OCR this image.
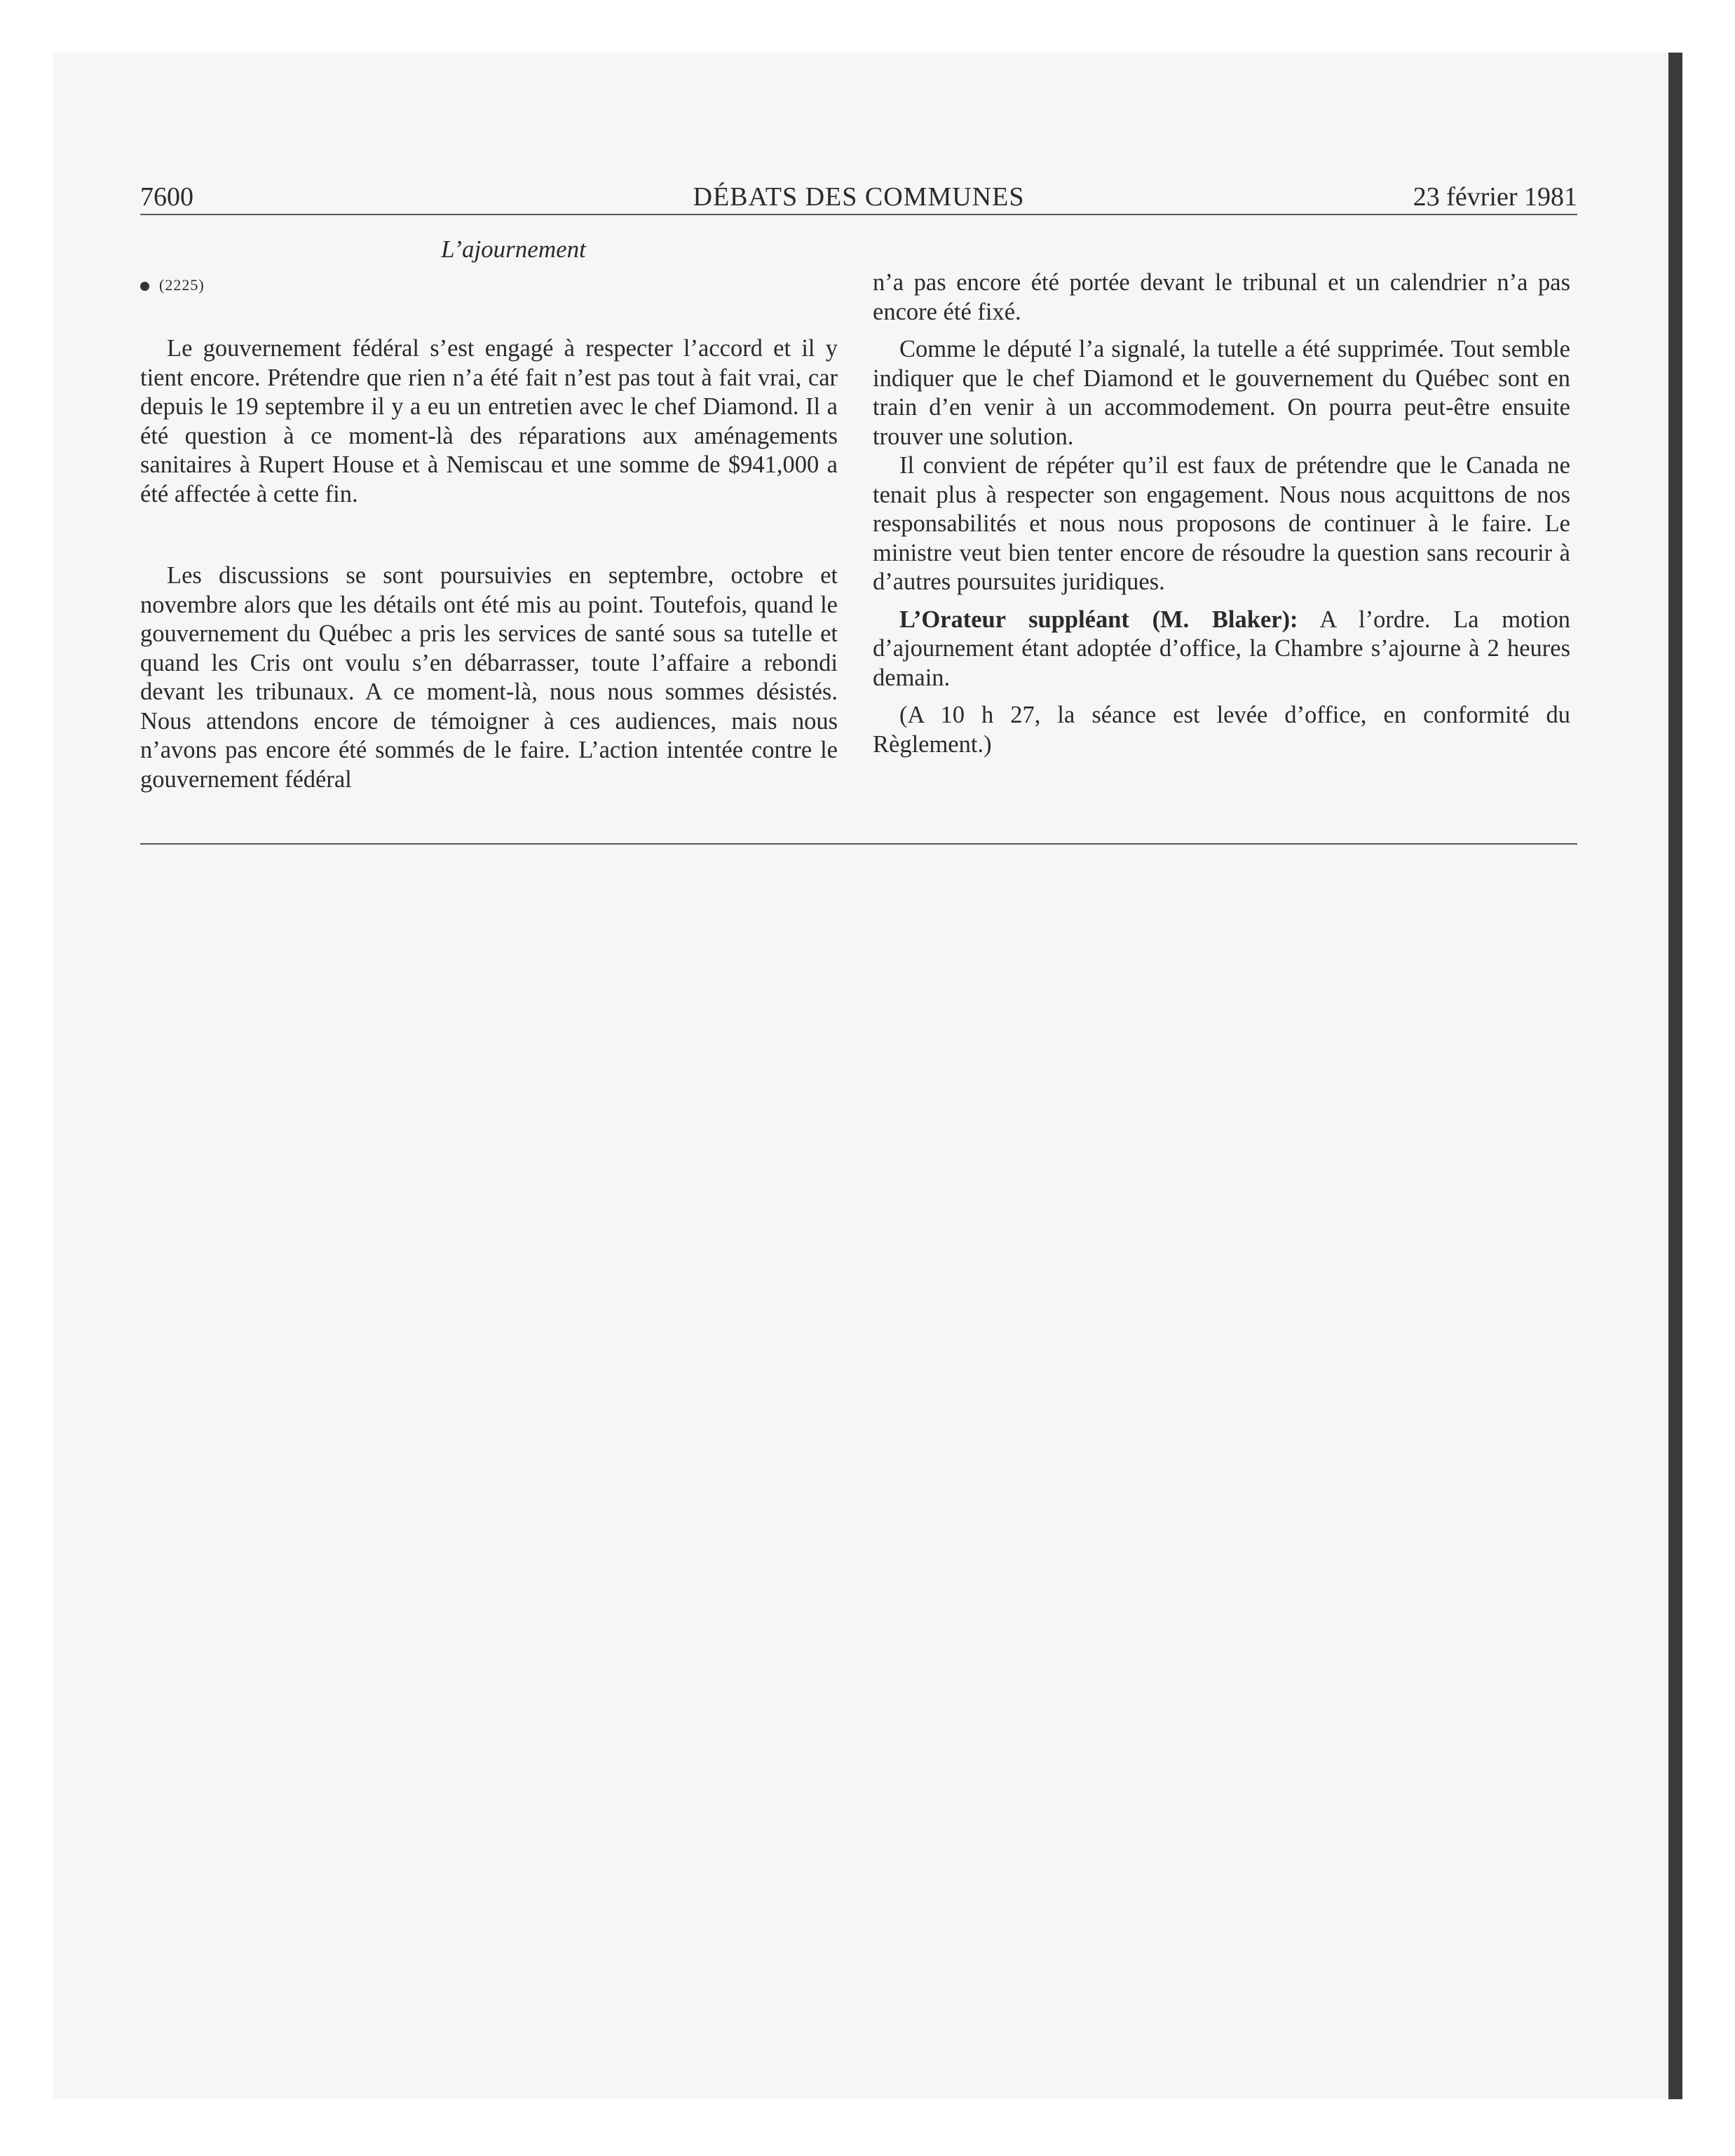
7600	DÉBATS DES COMMUNES	23 février 1981
L’ajournement
(2225)

Le gouvernement fédéral s’est engagé à respecter l’accord et il y tient encore. Prétendre que rien n’a été fait n’est pas tout à fait vrai, car depuis le 19 septembre il y a eu un entretien avec le chef Diamond. Il a été question à ce moment-là des réparations aux aménagements sanitaires à Rupert House et à Nemiscau et une somme de $941,000 a été affectée à cette fin.

Les discussions se sont poursuivies en septembre, octobre et novembre alors que les détails ont été mis au point. Toutefois, quand le gouvernement du Québec a pris les services de santé sous sa tutelle et quand les Cris ont voulu s’en débarrasser, toute l’affaire a rebondi devant les tribunaux. A ce moment-là, nous nous sommes désistés. Nous attendons encore de témoigner à ces audiences, mais nous n’avons pas encore été sommés de le faire. L’action intentée contre le gouvernement fédéral

n’a pas encore été portée devant le tribunal et un calendrier n’a pas encore été fixé.

Comme le député l’a signalé, la tutelle a été supprimée. Tout semble indiquer que le chef Diamond et le gouvernement du Québec sont en train d’en venir à un accommodement. On pourra peut-être ensuite trouver une solution.

Il convient de répéter qu’il est faux de prétendre que le Canada ne tenait plus à respecter son engagement. Nous nous acquittons de nos responsabilités et nous nous proposons de continuer à le faire. Le ministre veut bien tenter encore de résoudre la question sans recourir à d’autres poursuites juridiques.

L’Orateur suppléant (M. Blaker): A l’ordre. La motion d’ajournement étant adoptée d’office, la Chambre s’ajourne à 2 heures demain.

(A 10 h 27, la séance est levée d’office, en conformité du Règlement.)
